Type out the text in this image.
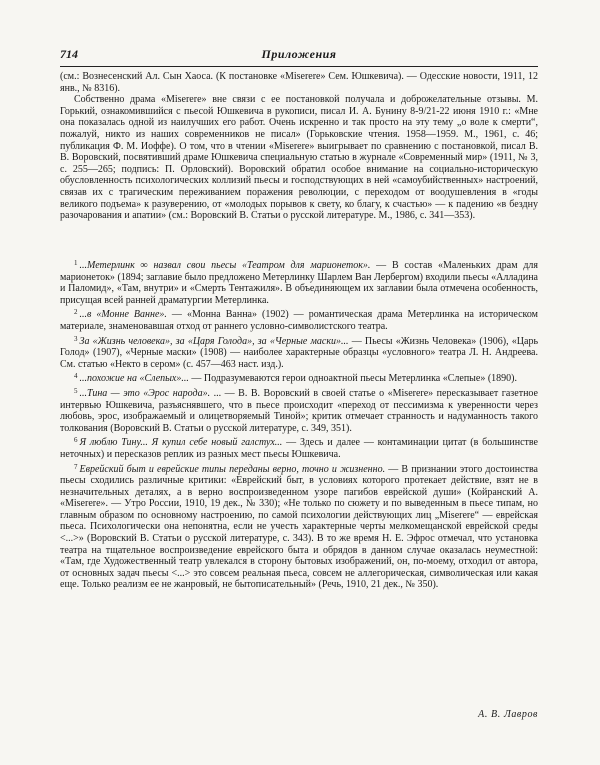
714	Приложения

(см.: Вознесенский Ал. Сын Хаоса. (К постановке «Miserere» Сем. Юшкевича). — Одесские новости, 1911, 12 янв., № 8316).

Собственно драма «Miserere» вне связи с ее постановкой получала и доброжелательные отзывы. М. Горький, ознакомившийся с пьесой Юшкевича в рукописи, писал И. А. Бунину 8-9/21-22 июня 1910 г.: «Мне она показалась одной из наилучших его работ. Очень искренно и так просто на эту тему „о воле к смерти“, пожалуй, никто из наших современников не писал» (Горьковские чтения. 1958—1959. М., 1961, с. 46; публикация Ф. М. Иоффе). О том, что в чтении «Miserere» выигрывает по сравнению с постановкой, писал В. В. Воровский, посвятивший драме Юшкевича специальную статью в журнале «Современный мир» (1911, № 3, с. 255—265; подпись: П. Орловский). Воровский обратил особое внимание на социально-историческую обусловленность психологических коллизий пьесы и господствующих в ней «самоубийственных» настроений, связав их с трагическим переживанием поражения революции, с переходом от воодушевления в «годы великого подъема» к разуверению, от «молодых порывов к свету, ко благу, к счастью» — к падению «в бездну разочарования и апатии» (см.: Воровский В. Статьи о русской литературе. М., 1986, с. 341—353).

$^1$ ...Метерлинк ∞ назвал свои пьесы «Театром для марионеток». — В состав «Маленьких драм для марионеток» (1894; заглавие было предложено Метерлинку Шарлем Ван Лербергом) входили пьесы «Алладина и Паломид», «Там, внутри» и «Смерть Тентажиля». В объединяющем их заглавии была отмечена особенность, присущая всей ранней драматургии Метерлинка.

$^2$ ...в «Монне Ванне». — «Монна Ванна» (1902) — романтическая драма Метерлинка на историческом материале, знаменовавшая отход от раннего условно-символистского театра.

$^3$ За «Жизнь человека», за «Царя Голода», за «Черные маски»... — Пьесы «Жизнь Человека» (1906), «Царь Голод» (1907), «Черные маски» (1908) — наиболее характерные образцы «условного» театра Л. Н. Андреева. См. статью «Некто в сером» (с. 457—463 наст. изд.).

$^4$ ...похожие на «Слепых»... — Подразумеваются герои одноактной пьесы Метерлинка «Слепые» (1890).

$^5$ ...Тина — это «Эрос народа». ... — В. В. Воровский в своей статье о «Miserere» пересказывает газетное интервью Юшкевича, разъяснявшего, что в пьесе происходит «переход от пессимизма к уверенности через любовь, эрос, изображаемый и олицетворяемый Тиной»; критик отмечает странность и надуманность такого толкования (Воровский В. Статьи о русской литературе, с. 349, 351).

$^6$ Я люблю Тину... Я купил себе новый галстух... — Здесь и далее — контаминации цитат (в большинстве неточных) и пересказов реплик из разных мест пьесы Юшкевича.

$^7$ Еврейский быт и еврейские типы переданы верно, точно и жизненно. — В признании этого достоинства пьесы сходились различные критики: «Еврейский быт, в условиях которого протекает действие, взят не в незначительных деталях, а в верно воспроизведенном узоре пагибов еврейской души» (Койранский А. «Miserere». — Утро России, 1910, 19 дек., № 330); «Не только по сюжету и по выведенным в пьесе типам, но главным образом по основному настроению, по самой психологии действующих лиц „Miserere“ — еврейская пьеса. Психологически она непонятна, если не учесть характерные черты мелкомещанской еврейской среды <...>» (Воровский В. Статьи о русской литературе, с. 343). В то же время Н. Е. Эфрос отмечал, что установка театра на тщательное воспроизведение еврейского быта и обрядов в данном случае оказалась неуместной: «Там, где Художественный театр увлекался в сторону бытовых изображений, он, по-моему, отходил от автора, от основных задач пьесы <...> это совсем реальная пьеса, совсем не аллегорическая, символическая или какая еще. Только реализм ее не жанровый, не бытописательный» (Речь, 1910, 21 дек., № 350).

А. В. Лавров
